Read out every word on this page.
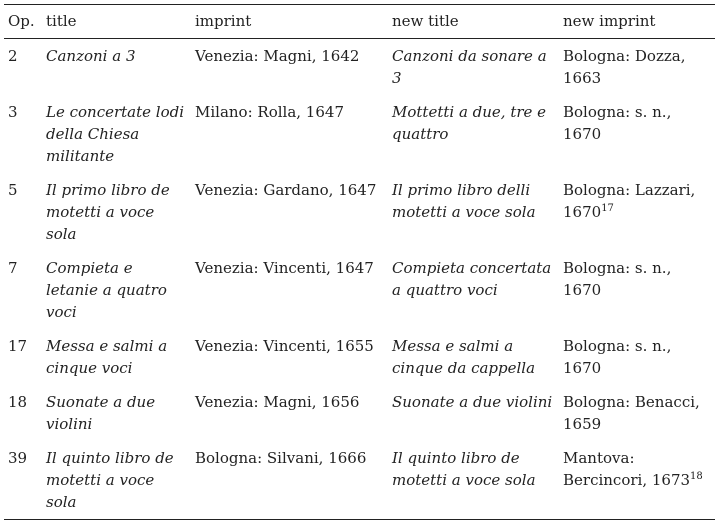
Op.	title	imprint	new title	new imprint
2	Canzoni a 3	Venezia: Magni, 1642	Canzoni da sonare a 3	Bologna: Dozza, 1663
3	Le concertate lodi della Chiesa militante	Milano: Rolla, 1647	Mottetti a due, tre e quattro	Bologna: s. n., 1670
5	Il primo libro de motetti a voce sola	Venezia: Gardano, 1647	Il primo libro delli motetti a voce sola	Bologna: Lazzari, 1670$^{17}$
7	Compieta e letanie a quatro voci	Venezia: Vincenti, 1647	Compieta concertata a quattro voci	Bologna: s. n., 1670
17	Messa e salmi a cinque voci	Venezia: Vincenti, 1655	Messa e salmi a cinque da cappella	Bologna: s. n., 1670
18	Suonate a due violini	Venezia: Magni, 1656	Suonate a due violini	Bologna: Benacci, 1659
39	Il quinto libro de motetti a voce sola	Bologna: Silvani, 1666	Il quinto libro de motetti a voce sola	Mantova: Bercincori, 1673$^{18}$
